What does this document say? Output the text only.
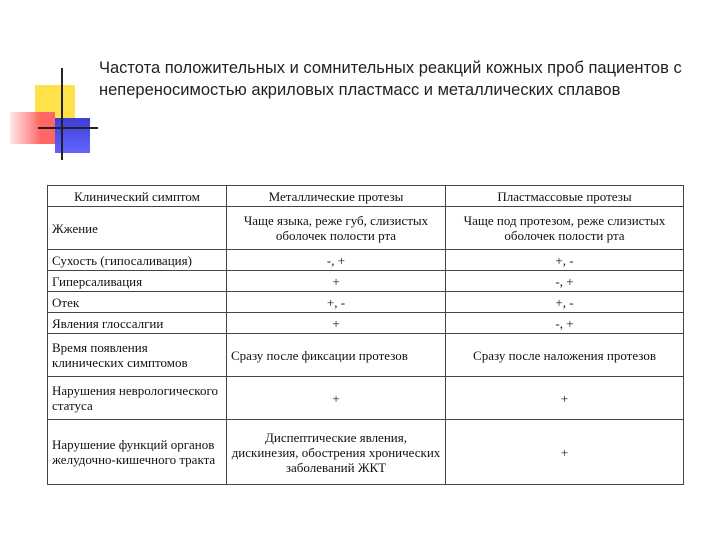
Частота положительных и сомнительных реакций кожных проб пациентов с непереносимостью акриловых пластмасс и металлических сплавов
Клинический симптом	Металлические протезы	Пластмассовые протезы
Жжение	Чаще языка, реже губ, слизистых оболочек полости рта	Чаще под протезом, реже слизистых оболочек полости рта
Сухость (гипосаливация)	-, +	+, -
Гиперсаливация	+	-, +
Отек	+, -	+, -
Явления глоссалгии	+	-, +
Время появления клинических симптомов	Сразу после фиксации протезов	Сразу после наложения протезов
Нарушения неврологического статуса	+	+
Нарушение функций органов желудочно-кишечного тракта	Диспептические явления, дискинезия, обострения хронических заболеваний ЖКТ	+
